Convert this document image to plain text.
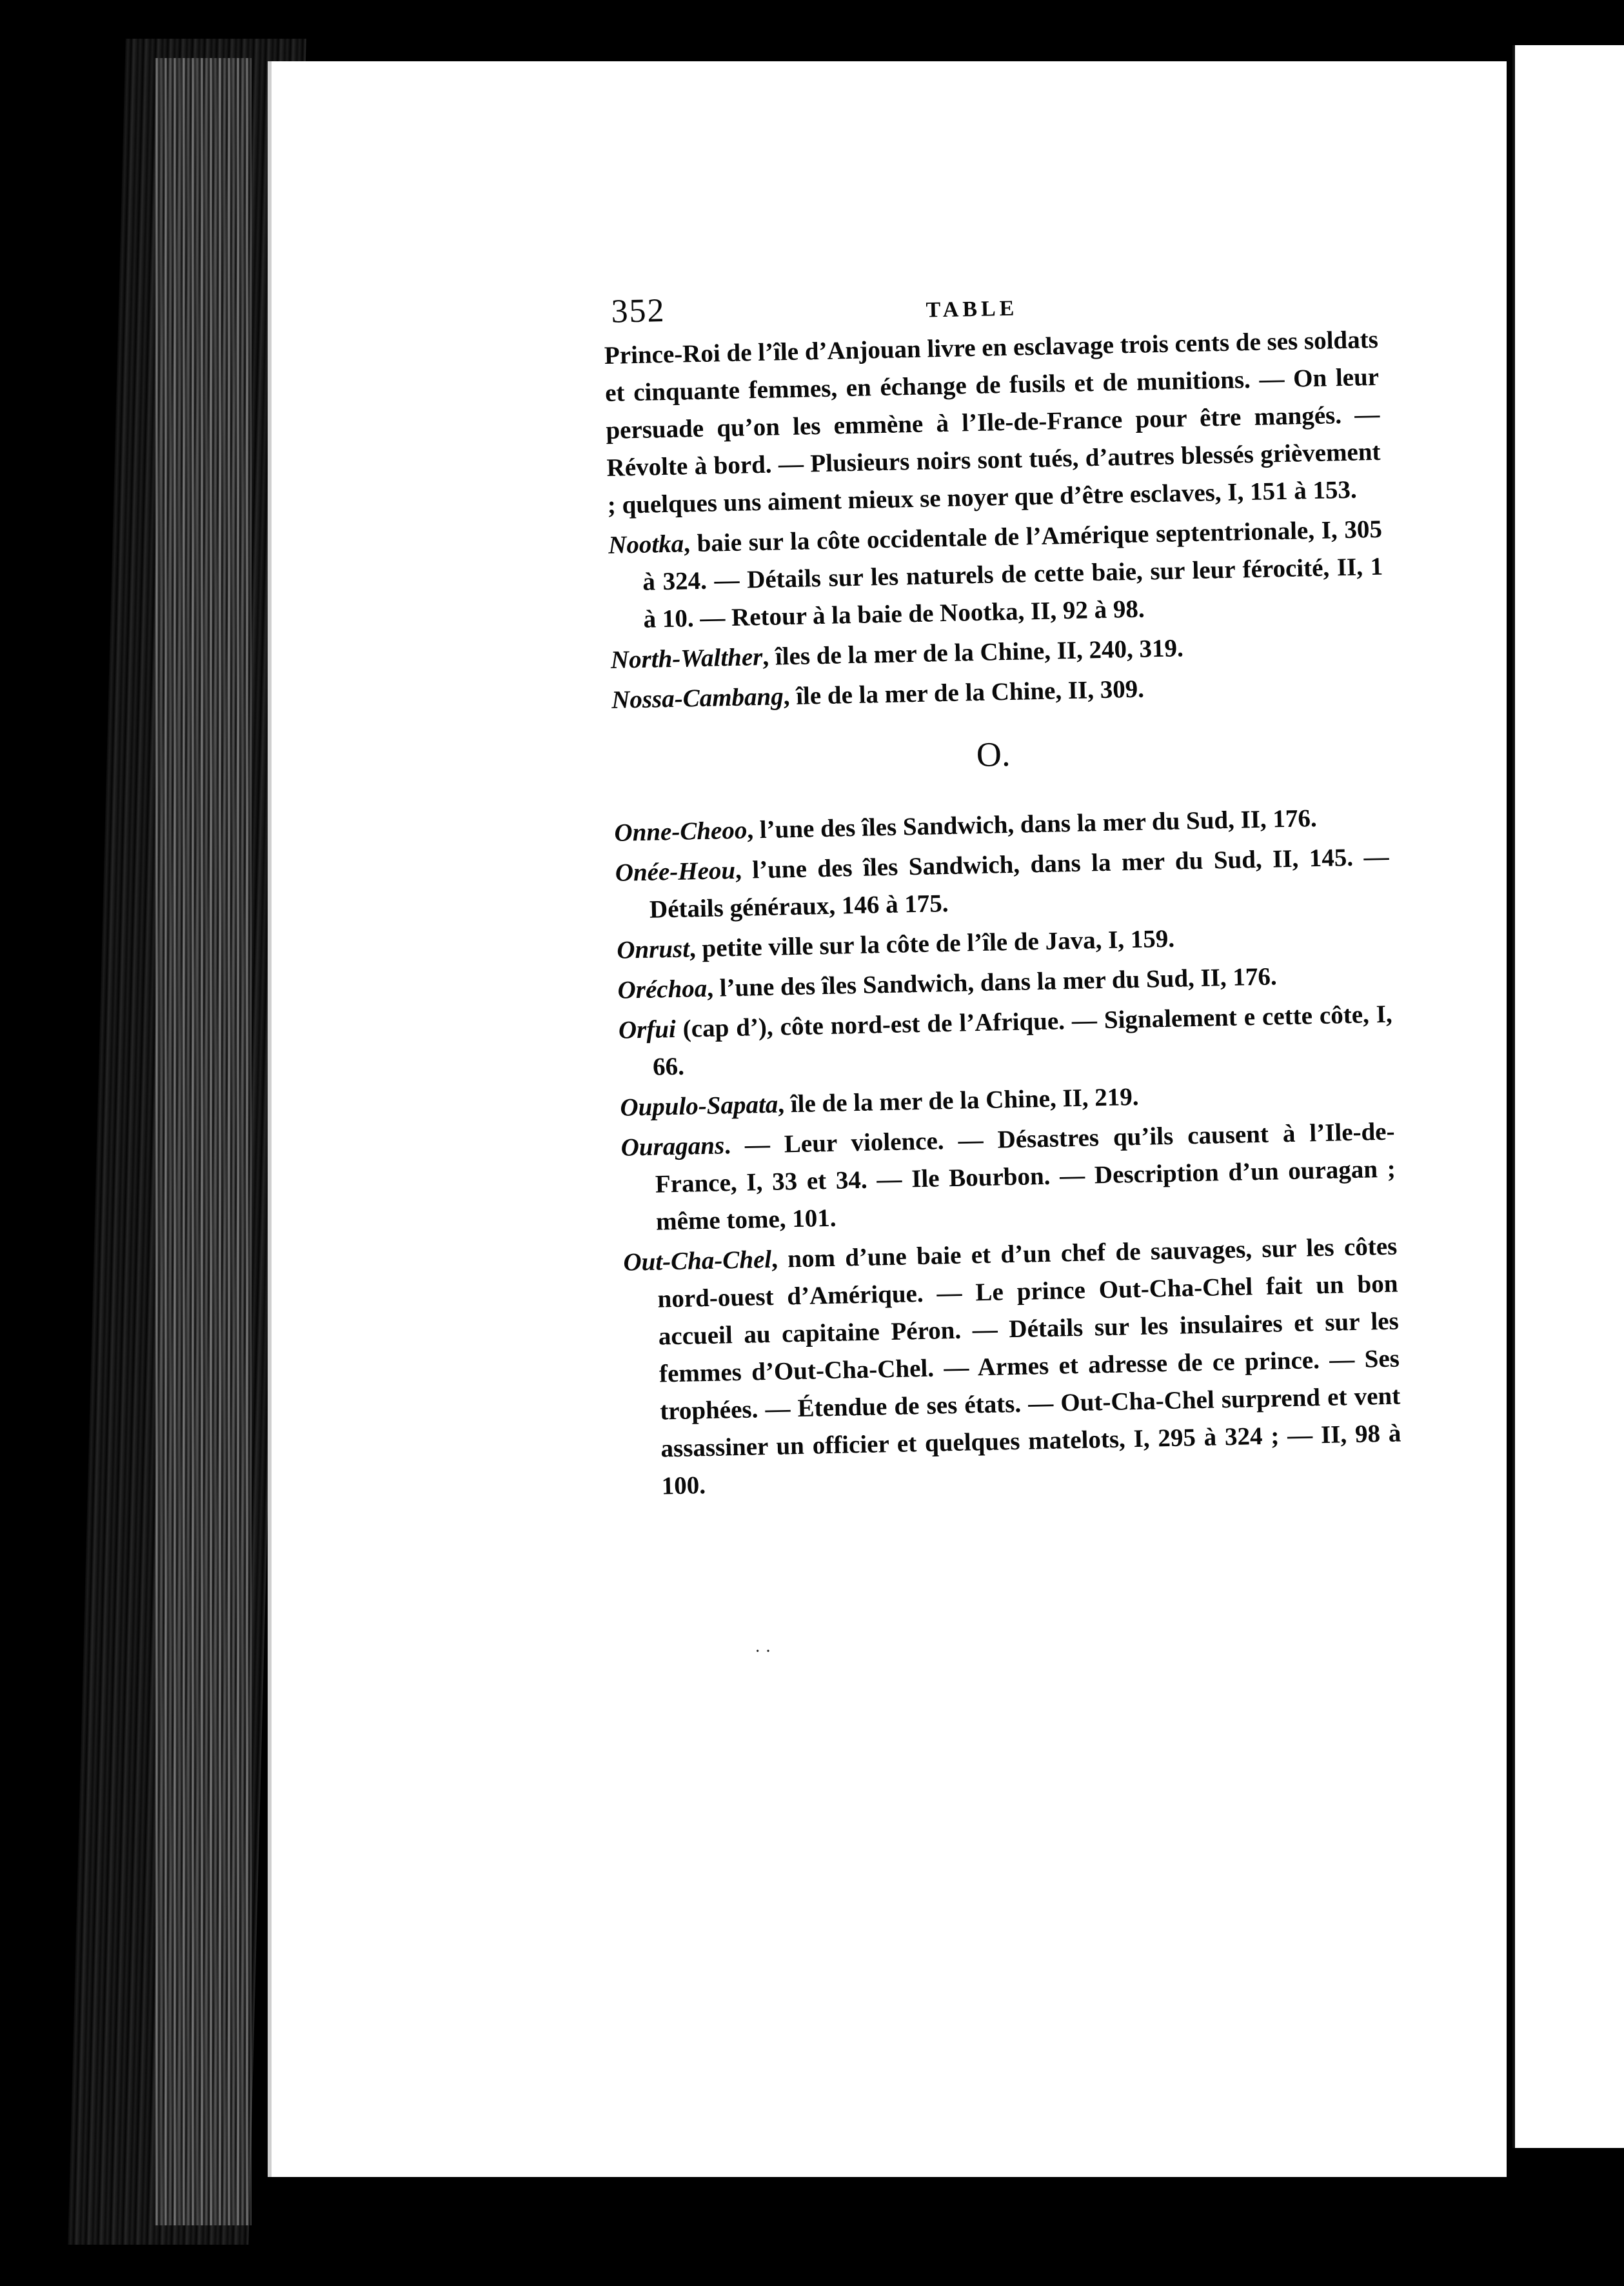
352	TABLE

Prince-Roi de l’île d’Anjouan livre en esclavage trois cents de ses soldats et cinquante femmes, en échange de fusils et de munitions. — On leur persuade qu’on les emmène à l’Ile-de-France pour être mangés. — Révolte à bord. — Plusieurs noirs sont tués, d’autres blessés grièvement ; quelques uns aiment mieux se noyer que d’être esclaves, I, 151 à 153.

Nootka, baie sur la côte occidentale de l’Amérique septentrionale, I, 305 à 324. — Détails sur les naturels de cette baie, sur leur férocité, II, 1 à 10. — Retour à la baie de Nootka, II, 92 à 98.

North-Walther, îles de la mer de la Chine, II, 240, 319.

Nossa-Cambang, île de la mer de la Chine, II, 309.

O.

Onne-Cheoo, l’une des îles Sandwich, dans la mer du Sud, II, 176.

Onée-Heou, l’une des îles Sandwich, dans la mer du Sud, II, 145. — Détails généraux, 146 à 175.

Onrust, petite ville sur la côte de l’île de Java, I, 159.

Oréchoa, l’une des îles Sandwich, dans la mer du Sud, II, 176.

Orfui (cap d’), côte nord-est de l’Afrique. — Signalement e cette côte, I, 66.

Oupulo-Sapata, île de la mer de la Chine, II, 219.

Ouragans. — Leur violence. — Désastres qu’ils causent à l’Ile-de-France, I, 33 et 34. — Ile Bourbon. — Description d’un ouragan ; même tome, 101.

Out-Cha-Chel, nom d’une baie et d’un chef de sauvages, sur les côtes nord-ouest d’Amérique. — Le prince Out-Cha-Chel fait un bon accueil au capitaine Péron. — Détails sur les insulaires et sur les femmes d’Out-Cha-Chel. — Armes et adresse de ce prince. — Ses trophées. — Étendue de ses états. — Out-Cha-Chel surprend et vent assassiner un officier et quelques matelots, I, 295 à 324 ; — II, 98 à 100.

· ·
